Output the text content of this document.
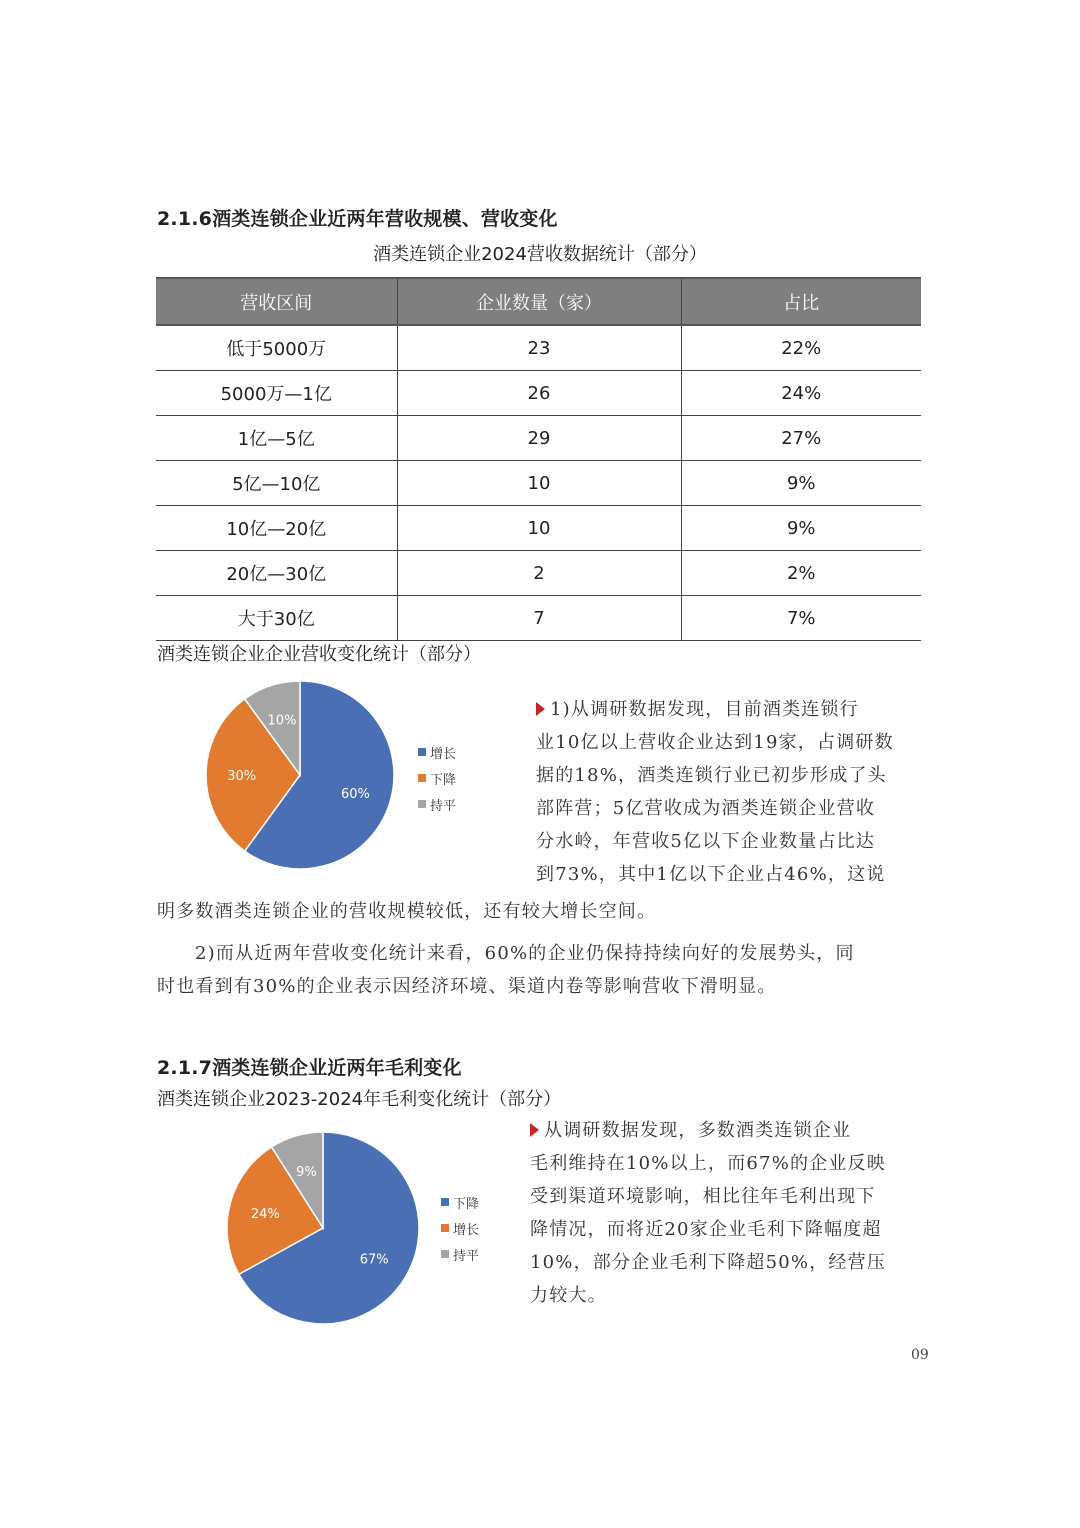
2.1.6酒类连锁企业近两年营收规模、营收变化
酒类连锁企业2024营收数据统计（部分）
营收区间	企业数量（家）	占比
低于5000万	23	22%
5000万—1亿	26	24%
1亿—5亿	29	27%
5亿—10亿	10	9%
10亿—20亿	10	9%
20亿—30亿	2	2%
大于30亿	7	7%
酒类连锁企业企业营收变化统计（部分）
60%
30%
10%
增长
下降
持平
1)从调研数据发现，目前酒类连锁行
业10亿以上营收企业达到19家，占调研数
据的18%，酒类连锁行业已初步形成了头
部阵营；5亿营收成为酒类连锁企业营收
分水岭，年营收5亿以下企业数量占比达
到73%，其中1亿以下企业占46%，这说
明多数酒类连锁企业的营收规模较低，还有较大增长空间。
2)而从近两年营收变化统计来看，60%的企业仍保持持续向好的发展势头，同
时也看到有30%的企业表示因经济环境、渠道内卷等影响营收下滑明显。
2.1.7酒类连锁企业近两年毛利变化
酒类连锁企业2023-2024年毛利变化统计（部分）
67%
24%
9%
下降
增长
持平
从调研数据发现，多数酒类连锁企业
毛利维持在10%以上，而67%的企业反映
受到渠道环境影响，相比往年毛利出现下
降情况，而将近20家企业毛利下降幅度超
10%，部分企业毛利下降超50%，经营压
力较大。
09
